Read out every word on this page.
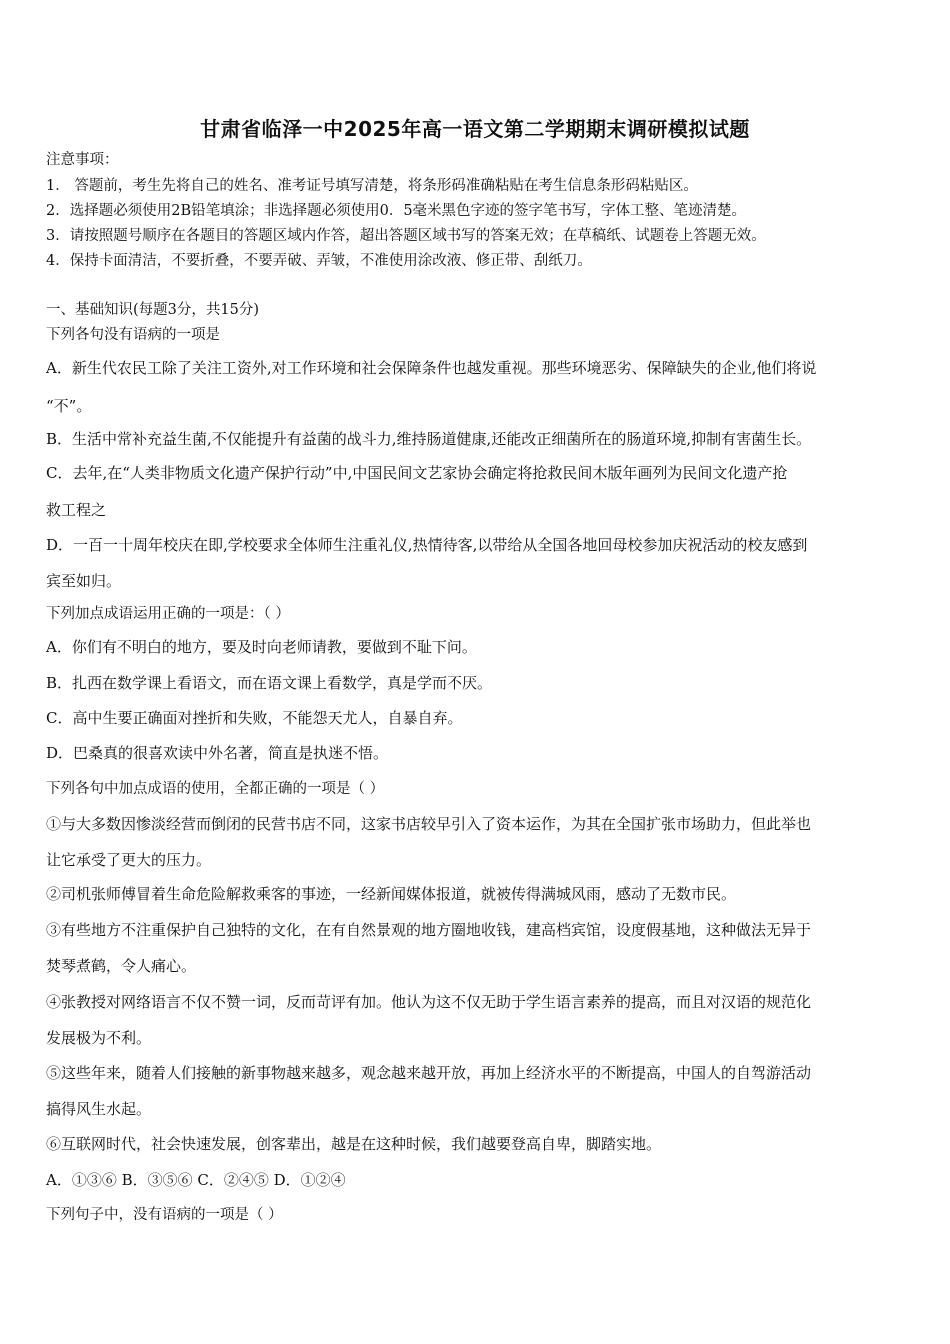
甘肃省临泽一中2025年高一语文第二学期期末调研模拟试题
注意事项：
1． 答题前，考生先将自己的姓名、准考证号填写清楚，将条形码准确粘贴在考生信息条形码粘贴区。
2．选择题必须使用2B铅笔填涂；非选择题必须使用0．5毫米黑色字迹的签字笔书写，字体工整、笔迹清楚。
3．请按照题号顺序在各题目的答题区域内作答，超出答题区域书写的答案无效；在草稿纸、试题卷上答题无效。
4．保持卡面清洁，不要折叠，不要弄破、弄皱，不准使用涂改液、修正带、刮纸刀。
一、基础知识(每题3分，共15分)
下列各句没有语病的一项是
A．新生代农民工除了关注工资外,对工作环境和社会保障条件也越发重视。那些环境恶劣、保障缺失的企业,他们将说
“不”。
B．生活中常补充益生菌,不仅能提升有益菌的战斗力,维持肠道健康,还能改正细菌所在的肠道环境,抑制有害菌生长。
C．去年,在“人类非物质文化遗产保护行动”中,中国民间文艺家协会确定将抢救民间木版年画列为民间文化遗产抢
救工程之
D．一百一十周年校庆在即,学校要求全体师生注重礼仪,热情待客,以带给从全国各地回母校参加庆祝活动的校友感到
宾至如归。
下列加点成语运用正确的一项是：（ ）
A．你们有不明白的地方，要及时向老师请教，要做到不耻下问。
B．扎西在数学课上看语文，而在语文课上看数学，真是学而不厌。
C．高中生要正确面对挫折和失败，不能怨天尤人，自暴自弃。
D．巴桑真的很喜欢读中外名著，简直是执迷不悟。
下列各句中加点成语的使用，全都正确的一项是（ ）
①与大多数因惨淡经营而倒闭的民营书店不同，这家书店较早引入了资本运作，为其在全国扩张市场助力，但此举也
让它承受了更大的压力。
②司机张师傅冒着生命危险解救乘客的事迹，一经新闻媒体报道，就被传得满城风雨，感动了无数市民。
③有些地方不注重保护自己独特的文化，在有自然景观的地方圈地收钱，建高档宾馆，设度假基地，这种做法无异于
焚琴煮鹤，令人痛心。
④张教授对网络语言不仅不赞一词，反而苛评有加。他认为这不仅无助于学生语言素养的提高，而且对汉语的规范化
发展极为不利。
⑤这些年来，随着人们接触的新事物越来越多，观念越来越开放，再加上经济水平的不断提高，中国人的自驾游活动
搞得风生水起。
⑥互联网时代，社会快速发展，创客辈出，越是在这种时候，我们越要登高自卑，脚踏实地。
A．①③⑥ B．③⑤⑥ C．②④⑤ D．①②④
下列句子中，没有语病的一项是（ ）
